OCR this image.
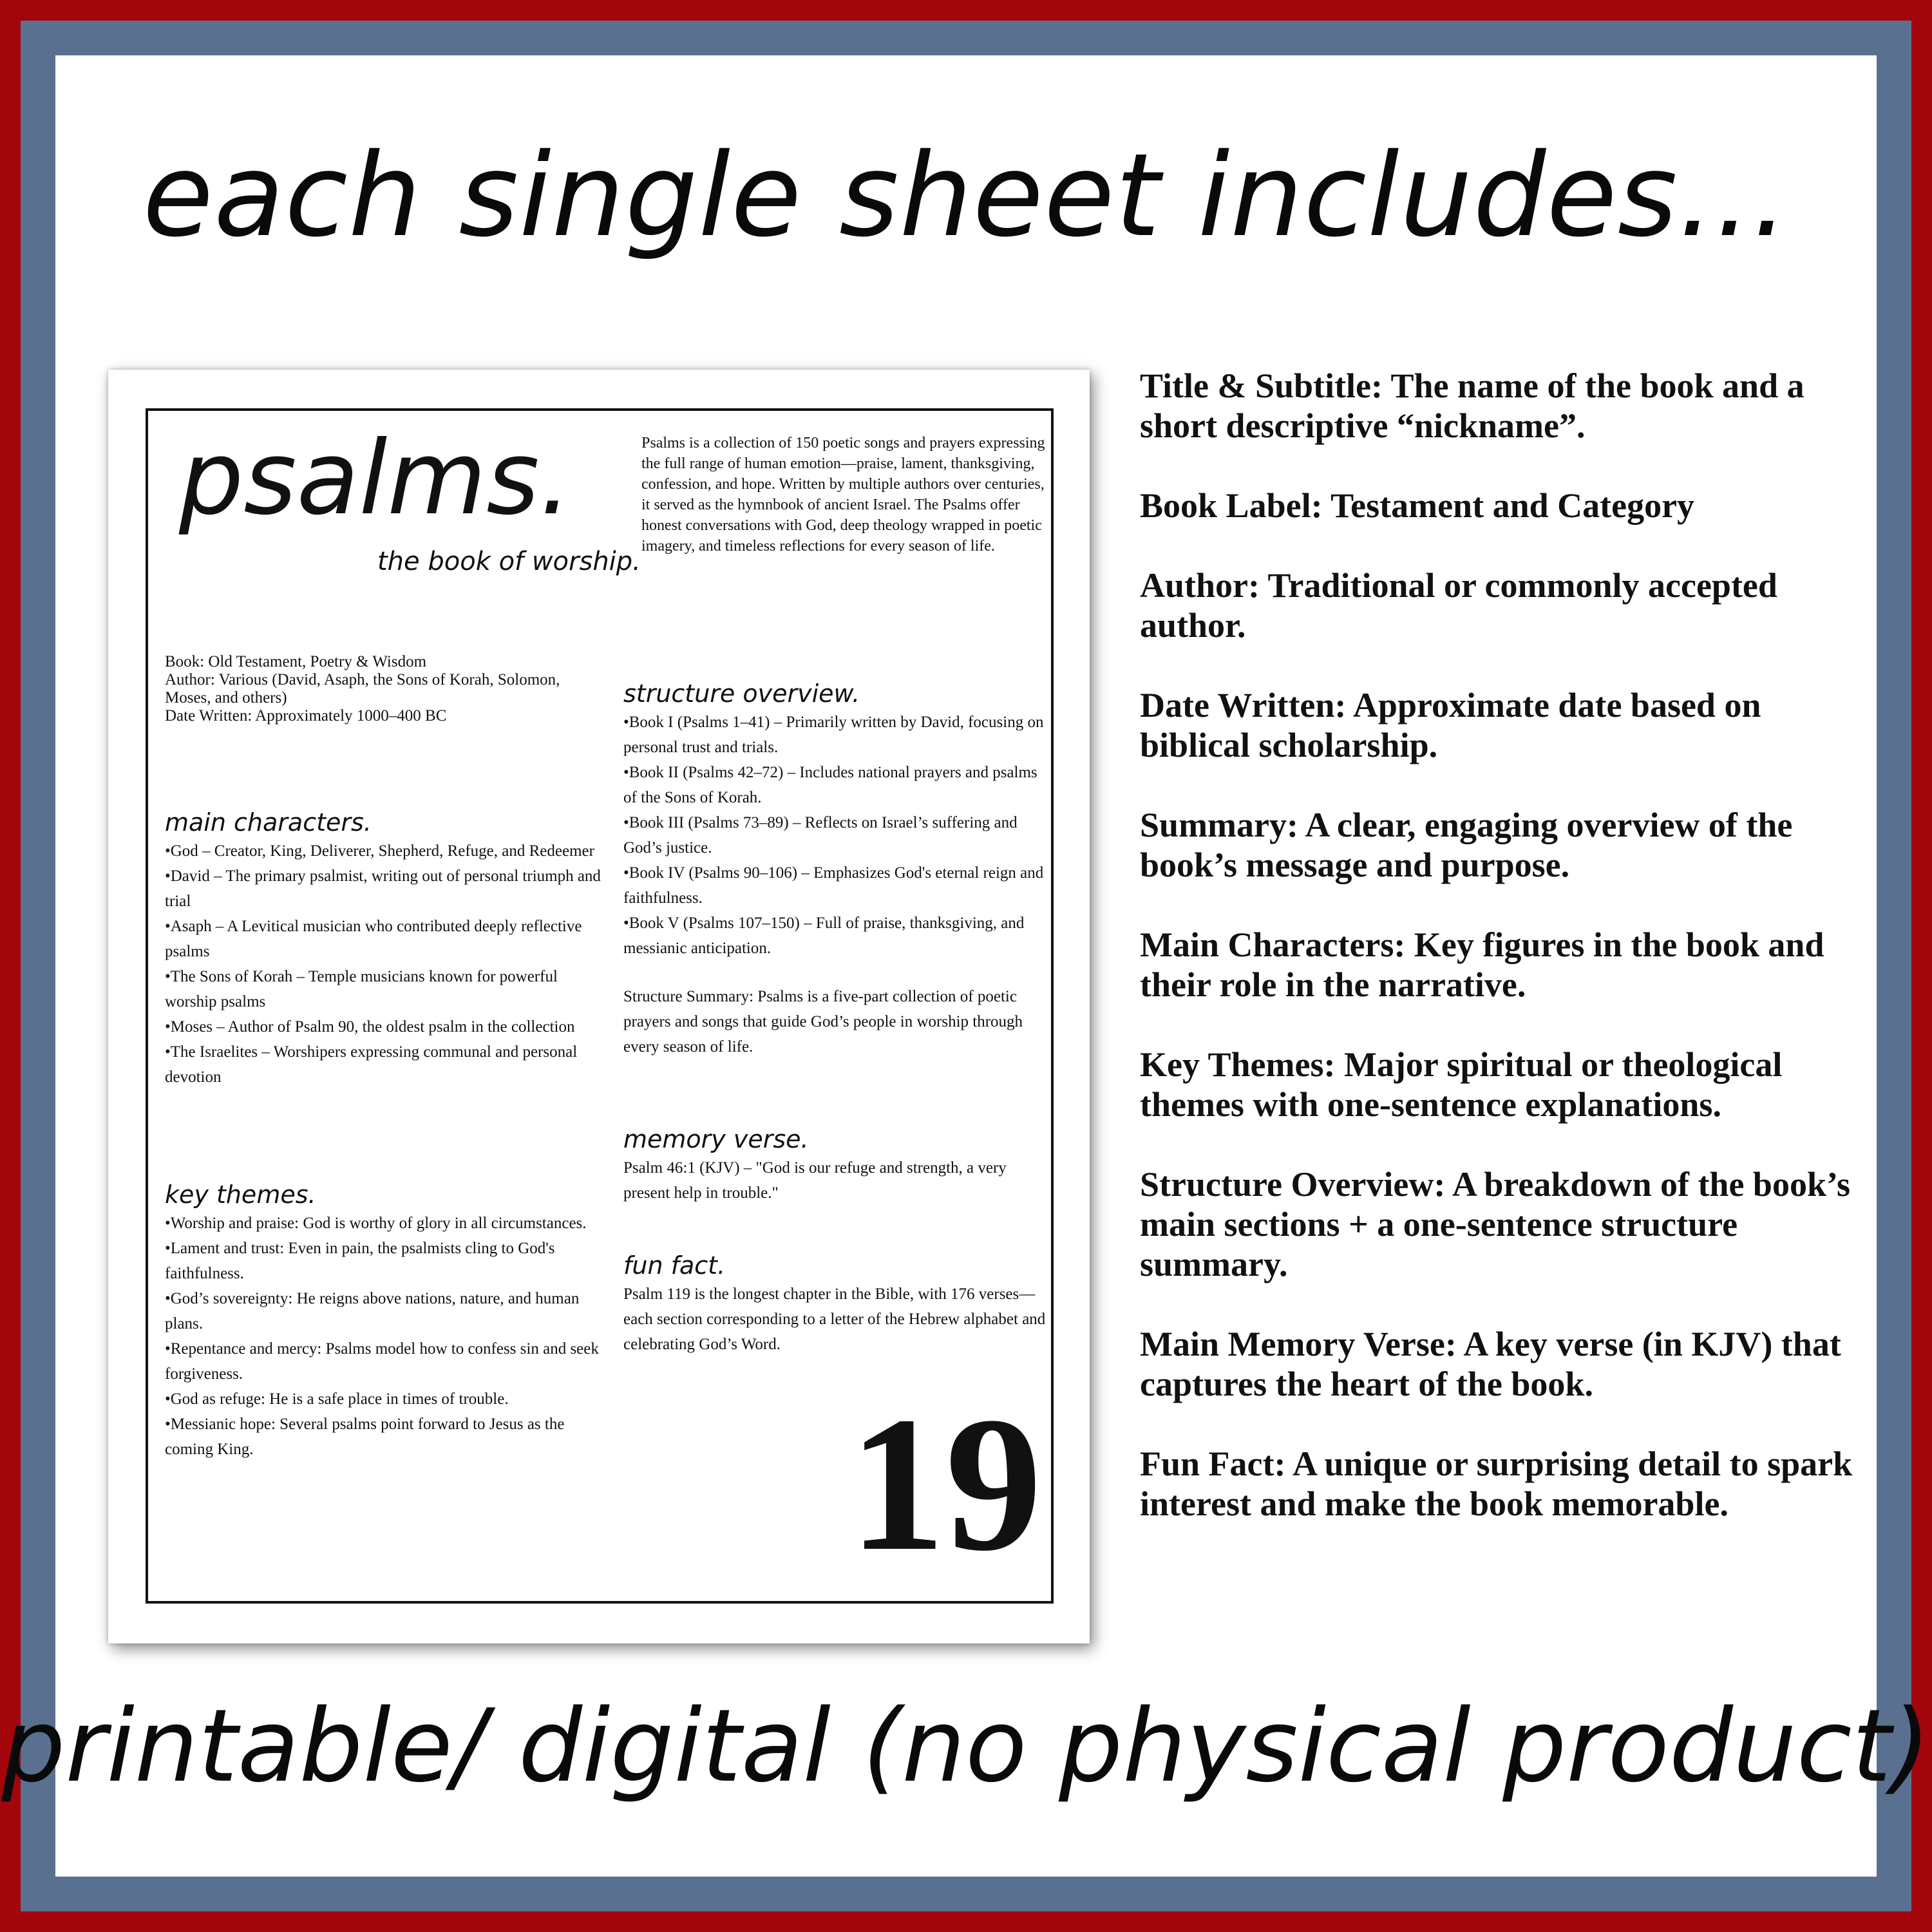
each single sheet includes...
psalms.
the book of worship.
Psalms is a collection of 150 poetic songs and prayers expressing the full range of human emotion—praise, lament, thanksgiving, confession, and hope. Written by multiple authors over centuries, it served as the hymnbook of ancient Israel. The Psalms offer honest conversations with God, deep theology wrapped in poetic imagery, and timeless reflections for every season of life.
Book: Old Testament, Poetry & Wisdom
Author: Various (David, Asaph, the Sons of Korah, Solomon, Moses, and others)
Date Written: Approximately 1000–400 BC
main characters.
•God – Creator, King, Deliverer, Shepherd, Refuge, and Redeemer
•David – The primary psalmist, writing out of personal triumph and trial
•Asaph – A Levitical musician who contributed deeply reflective psalms
•The Sons of Korah – Temple musicians known for powerful worship psalms
•Moses – Author of Psalm 90, the oldest psalm in the collection
•The Israelites – Worshipers expressing communal and personal devotion
key themes.
•Worship and praise: God is worthy of glory in all circumstances.
•Lament and trust: Even in pain, the psalmists cling to God's faithfulness.
•God’s sovereignty: He reigns above nations, nature, and human plans.
•Repentance and mercy: Psalms model how to confess sin and seek forgiveness.
•God as refuge: He is a safe place in times of trouble.
•Messianic hope: Several psalms point forward to Jesus as the coming King.
structure overview.
•Book I (Psalms 1–41) – Primarily written by David, focusing on personal trust and trials.
•Book II (Psalms 42–72) – Includes national prayers and psalms of the Sons of Korah.
•Book III (Psalms 73–89) – Reflects on Israel’s suffering and God’s justice.
•Book IV (Psalms 90–106) – Emphasizes God's eternal reign and faithfulness.
•Book V (Psalms 107–150) – Full of praise, thanksgiving, and messianic anticipation.
Structure Summary: Psalms is a five-part collection of poetic prayers and songs that guide God’s people in worship through every season of life.
memory verse.
Psalm 46:1 (KJV) – "God is our refuge and strength, a very present help in trouble."
fun fact.
Psalm 119 is the longest chapter in the Bible, with 176 verses—each section corresponding to a letter of the Hebrew alphabet and celebrating God’s Word.
19
Title & Subtitle: The name of the book and a short descriptive “nickname”.
Book Label: Testament and Category
Author: Traditional or commonly accepted author.
Date Written: Approximate date based on biblical scholarship.
Summary: A clear, engaging overview of the book’s message and purpose.
Main Characters: Key figures in the book and their role in the narrative.
Key Themes: Major spiritual or theological themes with one-sentence explanations.
Structure Overview: A breakdown of the book’s main sections + a one-sentence structure summary.
Main Memory Verse: A key verse (in KJV) that captures the heart of the book.
Fun Fact: A unique or surprising detail to spark interest and make the book memorable.
printable/ digital (no physical product)
